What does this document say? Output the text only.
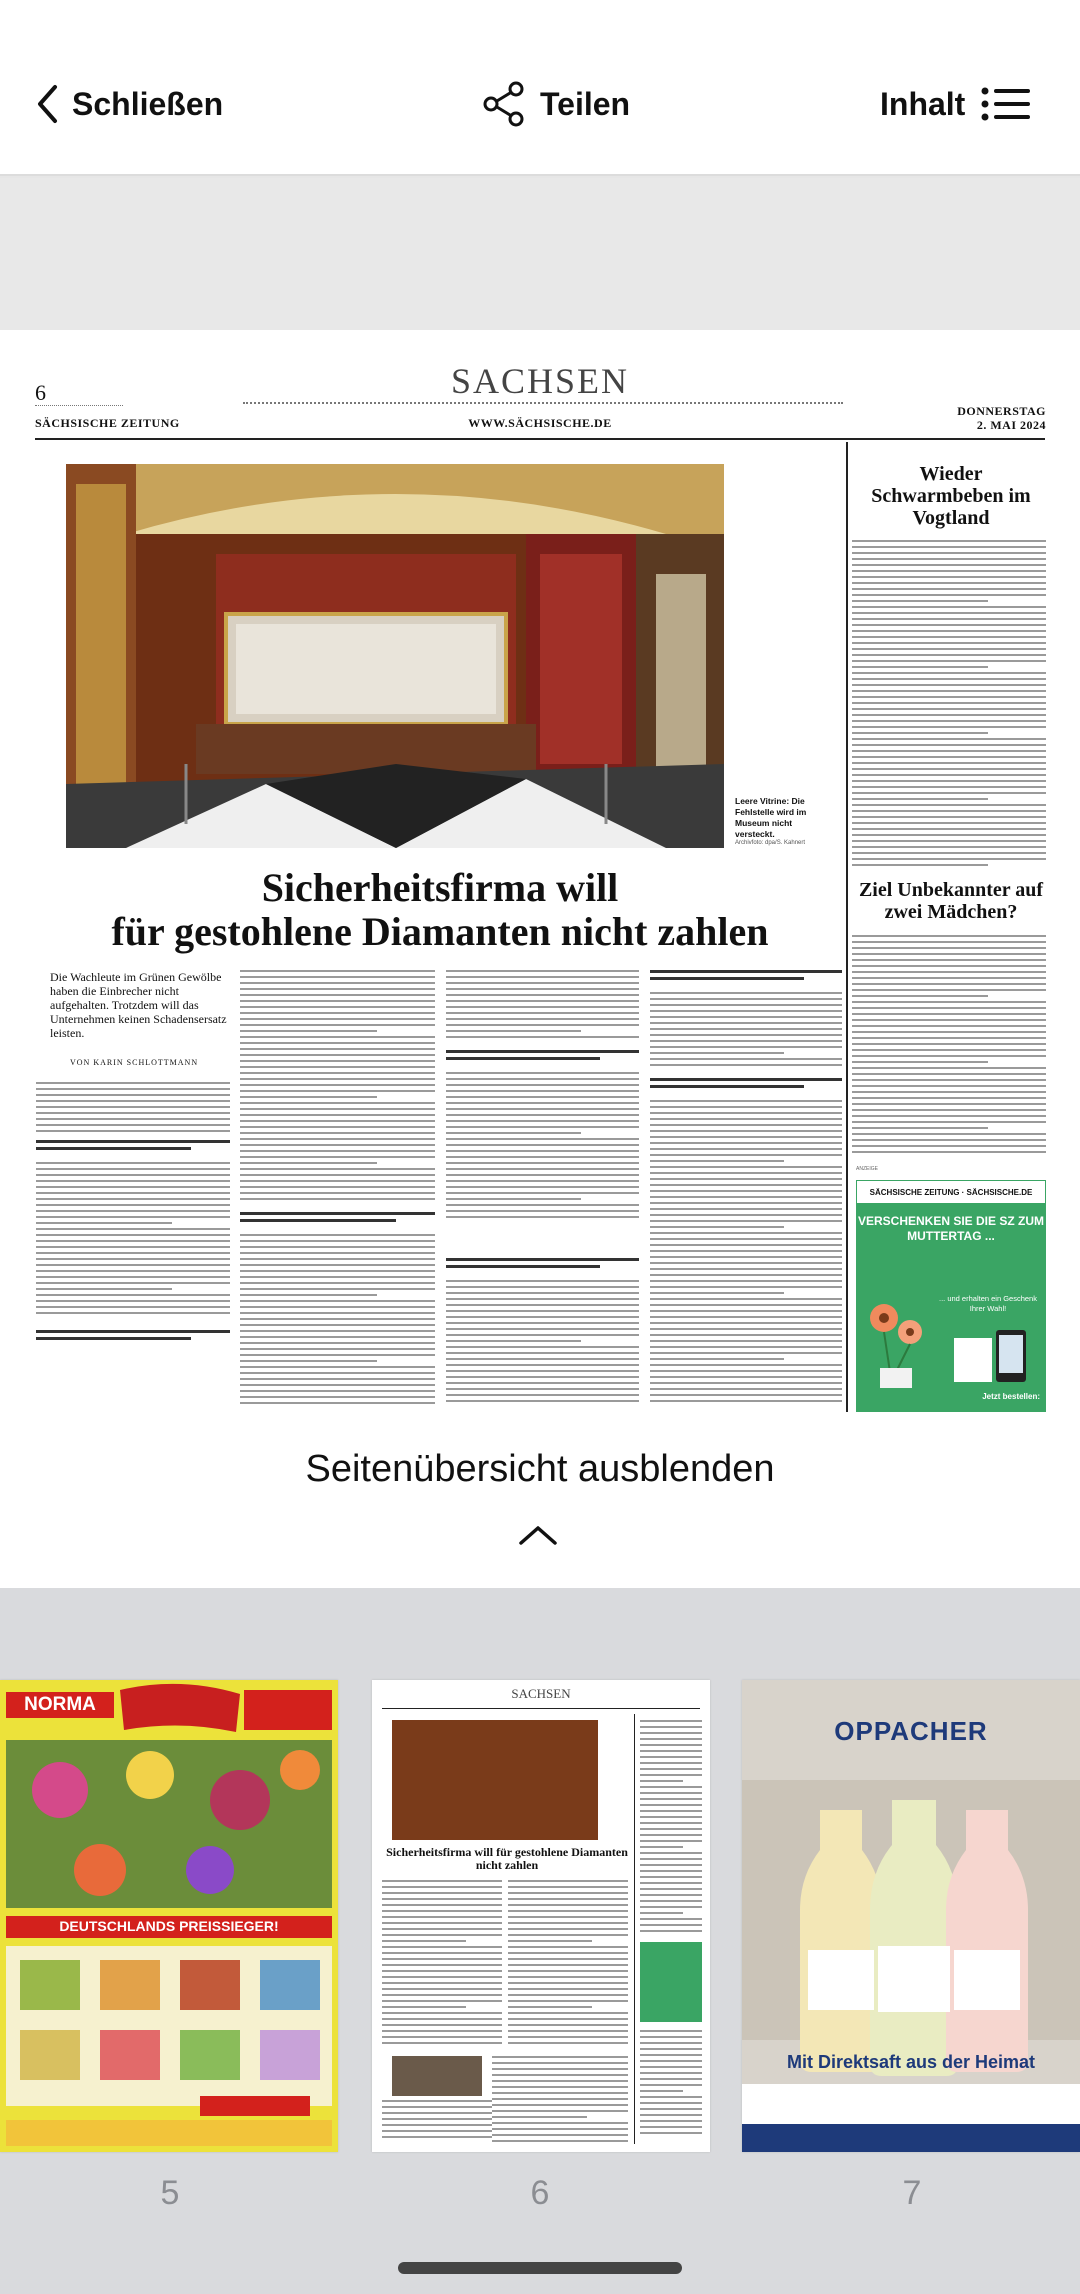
Schließen	Teilen	Inhalt
6	SACHSEN
SÄCHSISCHE ZEITUNG	WWW.SÄCHSISCHE.DE
DONNERSTAG
2. MAI 2024
Leere Vitrine: Die Fehlstelle wird im Museum nicht versteckt.
Archivfoto: dpa/S. Kahnert
Sicherheitsfirma will
für gestohlene Diamanten nicht zahlen
Die Wachleute im Grünen Gewölbe haben die Einbrecher nicht aufgehalten. Trotzdem will das Unternehmen keinen Schadensersatz leisten.
VON KARIN SCHLOTTMANN
Wieder Schwarmbeben im Vogtland
Ziel Unbekannter auf zwei Mädchen?
ANZEIGE
SÄCHSISCHE ZEITUNG · SÄCHSISCHE.DE
VERSCHENKEN SIE DIE SZ ZUM MUTTERTAG ...
... und erhalten ein Geschenk Ihrer Wahl!
Jetzt bestellen:
Seitenübersicht ausblenden
NORMA
DEUTSCHLANDS PREISSIEGER!
SACHSEN
Sicherheitsfirma will für gestohlene Diamanten nicht zahlen
OPPACHER
Mit Direktsaft aus der Heimat
5	6	7
